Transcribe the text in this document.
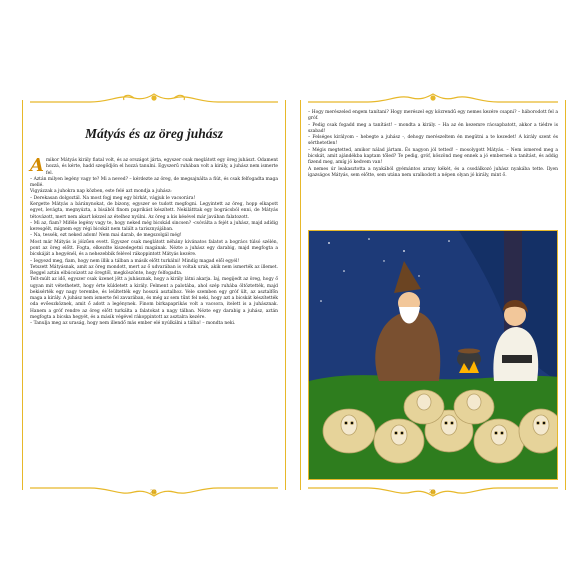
Mátyás és az öreg juhász

Amikor Mátyás király fiatal volt, és az országot járta, egyszer csak meglátott egy öreg juhászt. Odament hozzá, és kérte, hadd szegődjön el hozzá tanulni. Egyszerű ruhában volt a király, a juhász nem ismerte fel.

– Aztán milyen legény vagy te? Mi a neved? – kérdezte az öreg, de megsajnálta a fiút, és csak felfogadta maga mellé.

Vigyázzak a juhokra nap közben, este felé azt mondja a juhász:

– Derekasan dolgoztál. Na most fogj meg egy birkát, vágjuk le vacsorára!

Kergette Mátyás a báránynokat, de bizony, egyszer se tudott megfogni. Legyintett az öreg, hopp elkapott egyet, levágta, megnyúzta, a bisából finom paprikást készített. Nekilátttak egy bográcsból enni, de Mátyás tétovázott, mert nem akart kézzel az ételhez nyúlni. Az öreg a kis késével már javában falatozott.

– Mi az, fiam? Miféle legény vagy te, hogy neked még bicskád sincsen? -csóválta a fejét a juhász, majd adídig keresgélt, mígnem egy régi bicskát nem talált a tarisznyájában.

– Na, tessék, ezt neked adom! Nem mai darab, de megszolgál még!

Most már Mátyás is jóízűen evett. Egyszer csak meglátott néhány kivánatos falatot a bogrács túlsó szélén, pont az öreg előtt. Fogta, elkezdte kiszedegetni magának. Nézte a juhász egy darabig, majd megfogta a bicskáját a hegyénél, és a nehezebbik felével rákoppintott Mátyás kezére.

– Iegyezd meg, fiam, hogy nem illik a tálban a másik előtt turkálni! Mindig magad elől egyél!

Tetszett Mátyásnak, amit az öreg mondott, mert az ő udvarában is voltak urak, akik nem ismerték az illemet. Reggel aztán elbúcsúzott az öregtől, megköszönte, hogy felfogadta.

Telt-múlt az idő, egyszer csak üzenet jött a juhásznak, hogy a király látni akarja. Iaj, megijedt az öreg, hogy ő ugyan mit vétethetett, hogy érte küldetett a király. Felment a palotába, ahol szép ruhába öltöztették, majd bekisérték egy nagy terembe, és leültették egy hosszú asztalhoz. Vele szemben egy gróf ült, az asztalfőn maga a király. A juhász nem ismerte fel zavarában, és még az sem tűnt fel neki, hogy azt a bicskát készítették oda evőeszköznek, amit ő adott a legénynek. Finom birkapaprikás volt a vacsora, itelett is a juhásznak. Hanem a gróf rendre az öreg előtt turkálta a falatokat a nagy tálban. Nézte egy darabig a juhász, aztán megfogta a bicska hegyét, és a másik végével rákoppintott az asztalra kezére.

– Tanulja meg az uraság, hogy nem illendő más ember elé nyúlkálni a tálba! – mondta neki.

32

– Hogy merészeled engem tanítani? Hogy merészel egy közrendű egy nemes kezére csapni? – háborodott fel a gróf.

– Pedig csak fogadd meg a tanítást! – mondta a király. – Ha az én kezemre rácsapbatott, akkor a tiédre is szabad!

– Felséges királyom – hebegte a juhász -, dehogy merészeltem én megütni a te kezedet! A király szent és sérthetetlen!

– Mégis megtetted, amikor nálad jártam. És nagyon jól tetted! – mosolygott Mátyás. – Nem ismered meg a bicskát, amit ajándékba kaptam tőled? Te pedig, gróf, köszönd meg ennek a jó embernek a tanítást, és addig fizend meg, amíg jó kedvem van!

A nemes úr leakasztotta a nyakából gyémántos arany kékét, és a csodálkozó juhász nyakába tette. Ilyen igazságos Mátyás, sem előtte, sem utána nem uralkodott a népen olyan jó király, mint ő.

33
